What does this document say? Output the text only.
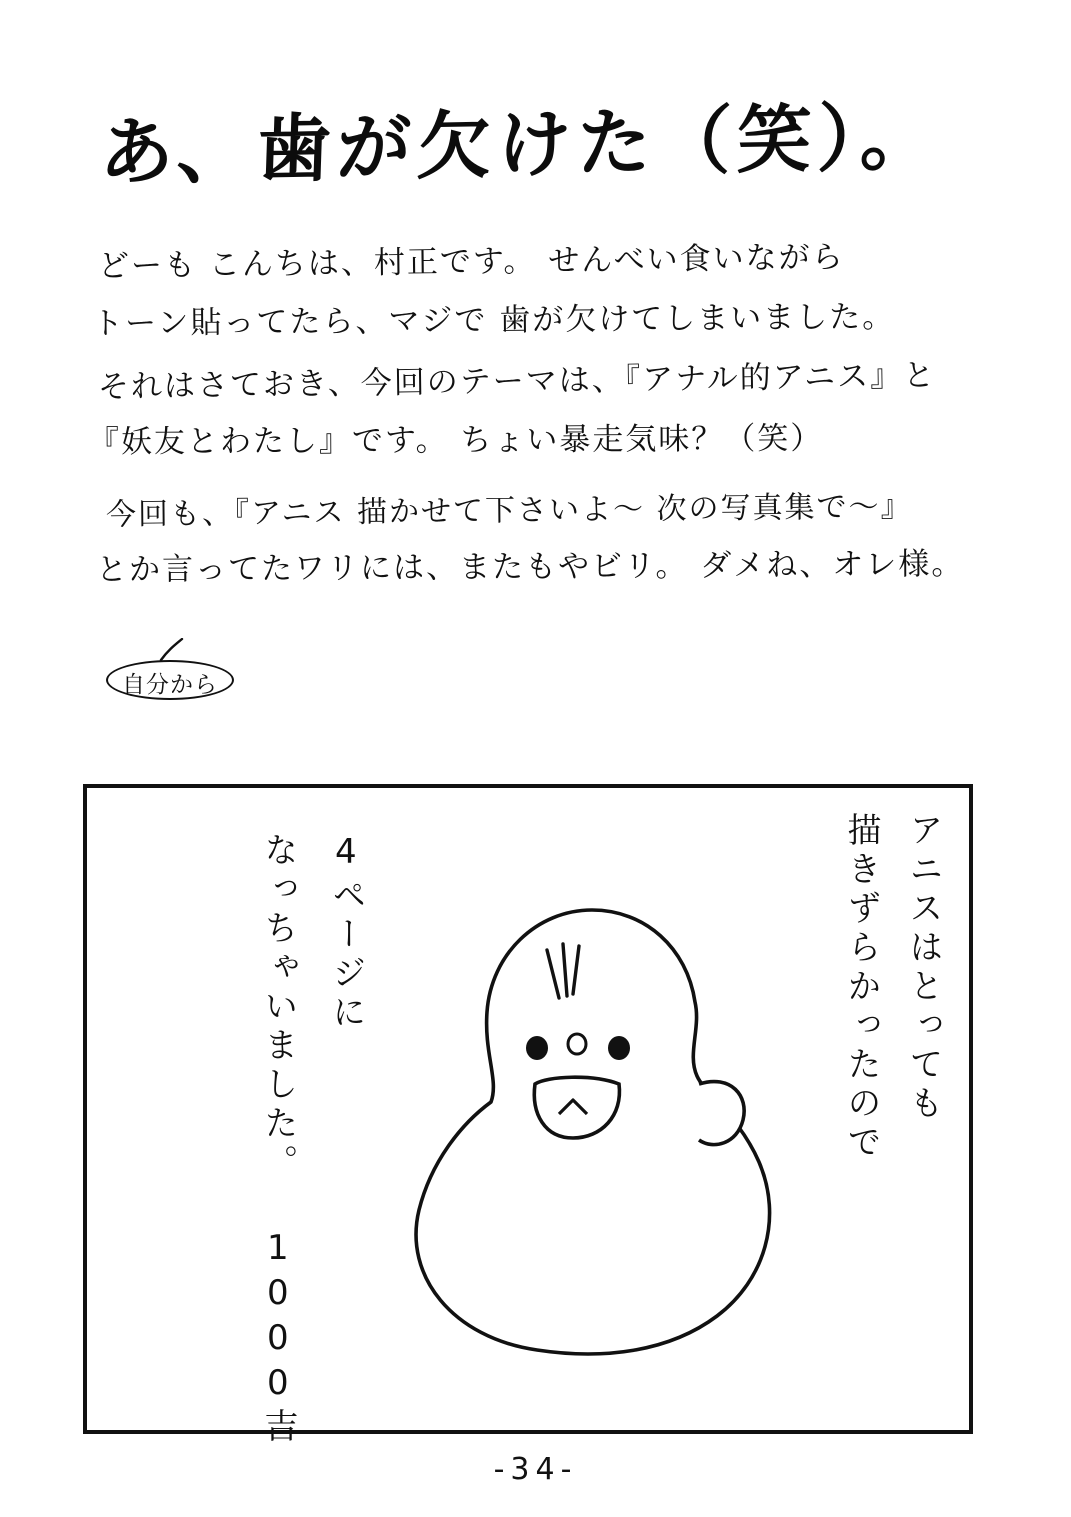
あ、歯が欠けた（笑）。

どーも こんちは、村正です。 せんべい食いながら

トーン貼ってたら、マジで 歯が欠けてしまいました。

それはさておき、今回のテーマは、『アナル的アニス』と

『妖友とわたし』です。 ちょい暴走気味？（笑）

今回も、『アニス 描かせて下さいよ〜 次の写真集で〜』

とか言ってたワリには、またもやビリ。 ダメね、オレ様。

自分から
アニスはとっても
描きずらかったので
4ページに
なっちゃいました。 1000吉
-34-
